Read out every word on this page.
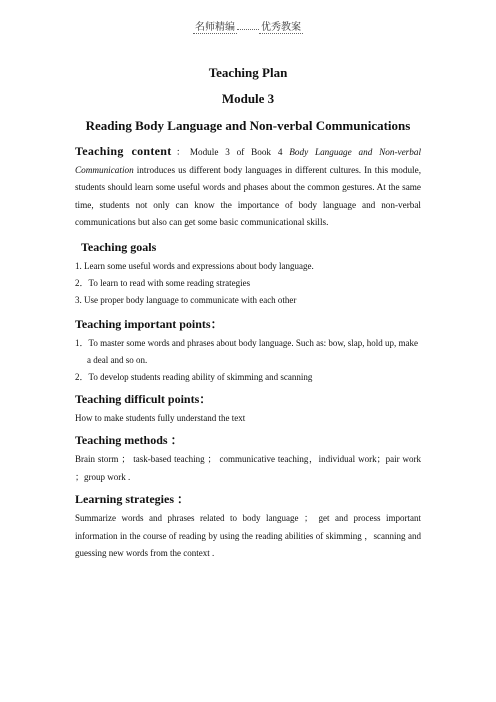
名师精编	优秀教案

Teaching Plan

Module 3

Reading Body Language and Non-verbal Communications

Teaching content：Module 3 of Book 4 Body Language and Non-verbal Communication introduces us different body languages in different cultures. In this module, students should learn some useful words and phases about the common gestures. At the same time, students not only can know the importance of body language and non-verbal communications but also can get some basic communicational skills.

Teaching goals

1. Learn some useful words and expressions about body language.

2．To learn to read with some reading strategies

3. Use proper body language to communicate with each other

Teaching important points：

1．To master some words and phrases about body language. Such as: bow, slap, hold up, make a deal and so on.

2．To develop students reading ability of skimming and scanning

Teaching difficult points：

How to make students fully understand the text

Teaching methods ：

Brain storm ； task-based teaching ； communicative teaching，individual work；pair work ；group work .

Learning strategies ：

Summarize words and phrases related to body language ； get and process important information in the course of reading by using the reading abilities of skimming ，scanning and guessing new words from the context .
